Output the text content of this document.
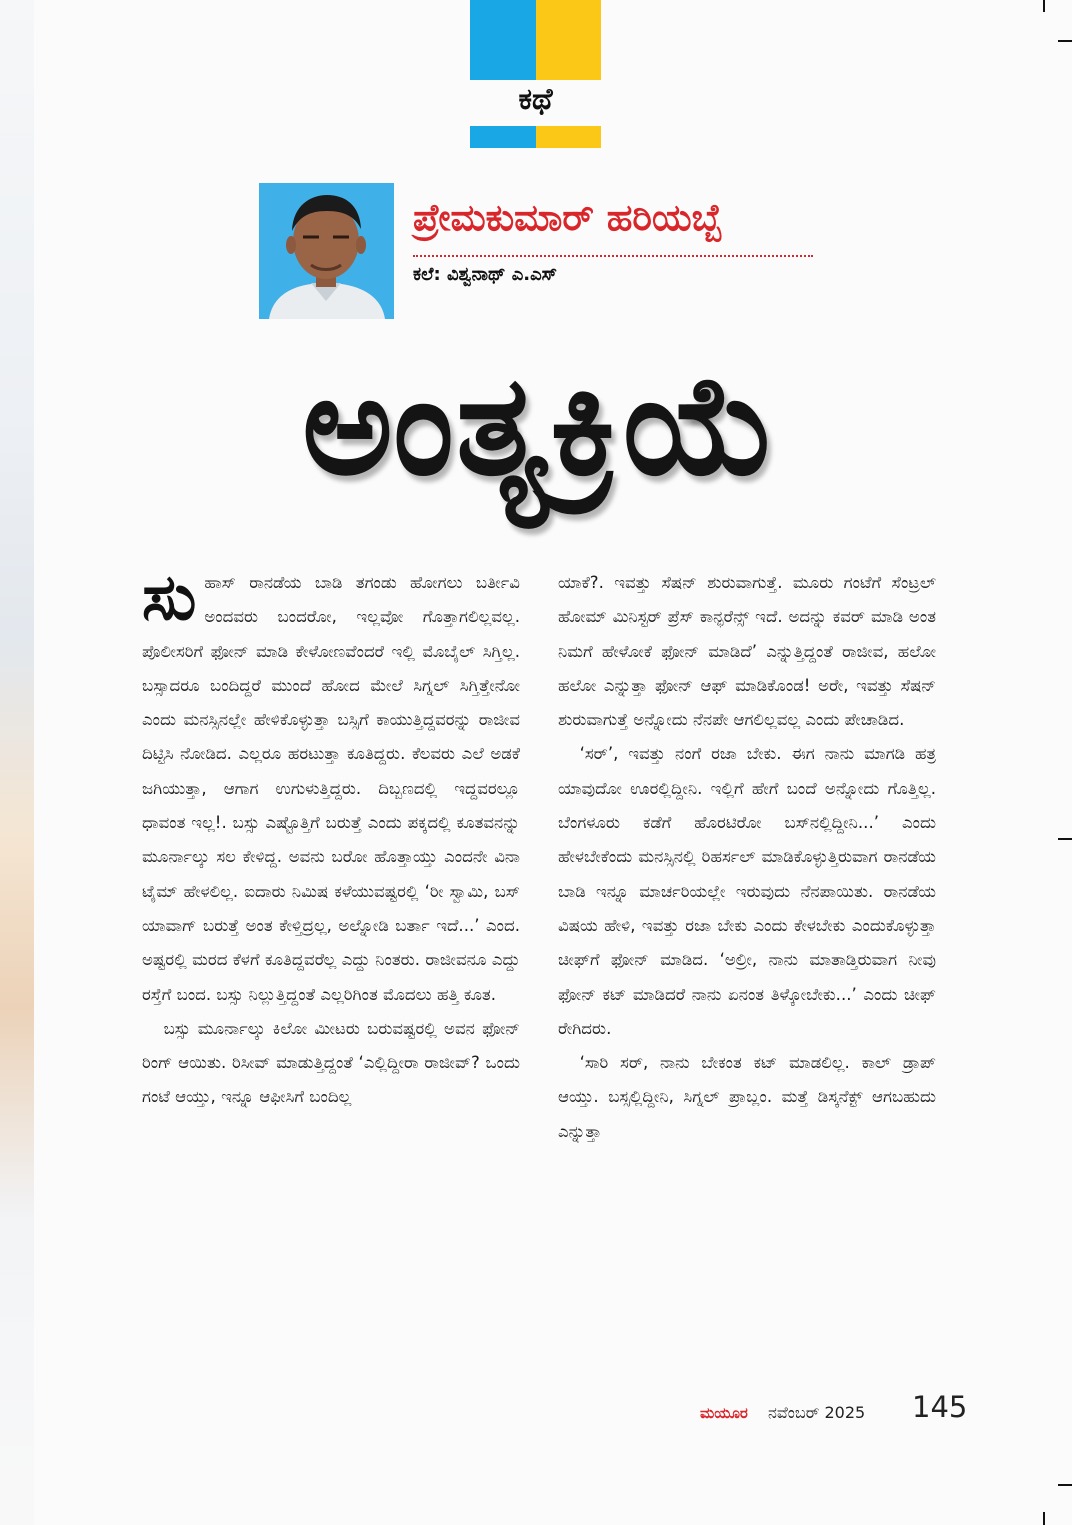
ಕಥೆ
ಪ್ರೇಮಕುಮಾರ್ ಹರಿಯಬ್ಬೆ
ಕಲೆ: ವಿಶ್ವನಾಥ್ ಎ.ಎಸ್
ಅಂತ್ಯಕ್ರಿಯೆ

ಸುಹಾಸ್ ರಾನಡೆಯ ಬಾಡಿ ತಗಂಡು ಹೋಗಲು ಬರ್ತೀವಿ ಅಂದವರು ಬಂದರೋ, ಇಲ್ಲವೋ ಗೊತ್ತಾಗಲಿಲ್ಲವಲ್ಲ. ಪೊಲೀಸರಿಗೆ ಫೋನ್ ಮಾಡಿ ಕೇಳೋಣವೆಂದರೆ ಇಲ್ಲಿ ಮೊಬೈಲ್ ಸಿಗ್ತಿಲ್ಲ. ಬಸ್ಸಾದರೂ ಬಂದಿದ್ದರೆ ಮುಂದೆ ಹೋದ ಮೇಲೆ ಸಿಗ್ನಲ್ ಸಿಗ್ತಿತ್ತೇನೋ ಎಂದು ಮನಸ್ಸಿನಲ್ಲೇ ಹೇಳಿಕೊಳ್ಳುತ್ತಾ ಬಸ್ಸಿಗೆ ಕಾಯುತ್ತಿದ್ದವರನ್ನು ರಾಜೀವ ದಿಟ್ಟಿಸಿ ನೋಡಿದ. ಎಲ್ಲರೂ ಹರಟುತ್ತಾ ಕೂತಿದ್ದರು. ಕೆಲವರು ಎಲೆ ಅಡಕೆ ಜಗಿಯುತ್ತಾ, ಆಗಾಗ ಉಗುಳುತ್ತಿದ್ದರು. ದಿಬ್ಬಣದಲ್ಲಿ ಇದ್ದವರಲ್ಲೂ ಧಾವಂತ ಇಲ್ಲ!. ಬಸ್ಸು ಎಷ್ಟೊತ್ತಿಗೆ ಬರುತ್ತೆ ಎಂದು ಪಕ್ಕದಲ್ಲಿ ಕೂತವನನ್ನು ಮೂರ್ನಾಲ್ಕು ಸಲ ಕೇಳಿದ್ದ. ಅವನು ಬರೋ ಹೊತ್ತಾಯ್ತು ಎಂದನೇ ವಿನಾ ಟೈಮ್ ಹೇಳಲಿಲ್ಲ. ಐದಾರು ನಿಮಿಷ ಕಳೆಯುವಷ್ಟರಲ್ಲಿ ‘ರೀ ಸ್ವಾಮಿ, ಬಸ್ ಯಾವಾಗ್ ಬರುತ್ತೆ ಅಂತ ಕೇಳ್ತಿದ್ರಲ್ಲ, ಅಲ್ನೋಡಿ ಬರ್ತಾ ಇದೆ...’ ಎಂದ. ಅಷ್ಟರಲ್ಲಿ ಮರದ ಕೆಳಗೆ ಕೂತಿದ್ದವರೆಲ್ಲ ಎದ್ದು ನಿಂತರು. ರಾಜೀವನೂ ಎದ್ದು ರಸ್ತೆಗೆ ಬಂದ. ಬಸ್ಸು ನಿಲ್ಲುತ್ತಿದ್ದಂತೆ ಎಲ್ಲರಿಗಿಂತ ಮೊದಲು ಹತ್ತಿ ಕೂತ.

ಬಸ್ಸು ಮೂರ್ನಾಲ್ಕು ಕಿಲೋ ಮೀಟರು ಬರುವಷ್ಟರಲ್ಲಿ ಅವನ ಫೋನ್ ರಿಂಗ್ ಆಯಿತು. ರಿಸೀವ್ ಮಾಡುತ್ತಿದ್ದಂತೆ ‘ಎಲ್ಲಿದ್ದೀರಾ ರಾಜೀವ್? ಒಂದು ಗಂಟೆ ಆಯ್ತು, ಇನ್ನೂ ಆಫೀಸಿಗೆ ಬಂದಿಲ್ಲ

ಯಾಕೆ?. ಇವತ್ತು ಸೆಷನ್ ಶುರುವಾಗುತ್ತೆ. ಮೂರು ಗಂಟೆಗೆ ಸೆಂಟ್ರಲ್ ಹೋಮ್ ಮಿನಿಸ್ಟರ್ ಪ್ರೆಸ್ ಕಾನ್ಫರೆನ್ಸ್ ಇದೆ. ಅದನ್ನು ಕವರ್ ಮಾಡಿ ಅಂತ ನಿಮಗೆ ಹೇಳೋಕೆ ಫೋನ್ ಮಾಡಿದೆ’ ಎನ್ನುತ್ತಿದ್ದಂತೆ ರಾಜೀವ, ಹಲೋ ಹಲೋ ಎನ್ನುತ್ತಾ ಫೋನ್ ಆಫ್ ಮಾಡಿಕೊಂಡ! ಅರೇ, ಇವತ್ತು ಸೆಷನ್ ಶುರುವಾಗುತ್ತೆ ಅನ್ನೋದು ನೆನಪೇ ಆಗಲಿಲ್ಲವಲ್ಲ ಎಂದು ಪೇಚಾಡಿದ.

‘ಸರ್’, ಇವತ್ತು ನಂಗೆ ರಜಾ ಬೇಕು. ಈಗ ನಾನು ಮಾಗಡಿ ಹತ್ರ ಯಾವುದೋ ಊರಲ್ಲಿದ್ದೀನಿ. ಇಲ್ಲಿಗೆ ಹೇಗೆ ಬಂದೆ ಅನ್ನೋದು ಗೊತ್ತಿಲ್ಲ. ಬೆಂಗಳೂರು ಕಡೆಗೆ ಹೊರಟಿರೋ ಬಸ್‌ನಲ್ಲಿದ್ದೀನಿ...’ ಎಂದು ಹೇಳಬೇಕೆಂದು ಮನಸ್ಸಿನಲ್ಲಿ ರಿಹರ್ಸಲ್ ಮಾಡಿಕೊಳ್ಳುತ್ತಿರುವಾಗ ರಾನಡೆಯ ಬಾಡಿ ಇನ್ನೂ ಮಾರ್ಚರಿಯಲ್ಲೇ ಇರುವುದು ನೆನಪಾಯಿತು. ರಾನಡೆಯ ವಿಷಯ ಹೇಳಿ, ಇವತ್ತು ರಜಾ ಬೇಕು ಎಂದು ಕೇಳಬೇಕು ಎಂದುಕೊಳ್ಳುತ್ತಾ ಚೀಫ್‌ಗೆ ಫೋನ್ ಮಾಡಿದ. ‘ಅಲ್ರೀ, ನಾನು ಮಾತಾಡ್ತಿರುವಾಗ ನೀವು ಫೋನ್ ಕಟ್ ಮಾಡಿದರೆ ನಾನು ಏನಂತ ತಿಳ್ಕೋಬೇಕು...’ ಎಂದು ಚೀಫ್ ರೇಗಿದರು.

‘ಸಾರಿ ಸರ್, ನಾನು ಬೇಕಂತ ಕಟ್ ಮಾಡಲಿಲ್ಲ. ಕಾಲ್ ಡ್ರಾಪ್ ಆಯ್ತು. ಬಸ್ಸಲ್ಲಿದ್ದೀನಿ, ಸಿಗ್ನಲ್ ಪ್ರಾಬ್ಲಂ. ಮತ್ತೆ ಡಿಸ್ಕನೆಕ್ಟ್ ಆಗಬಹುದು ಎನ್ನುತ್ತಾ

ಮಯೂರ ನವೆಂಬರ್ 2025 145
